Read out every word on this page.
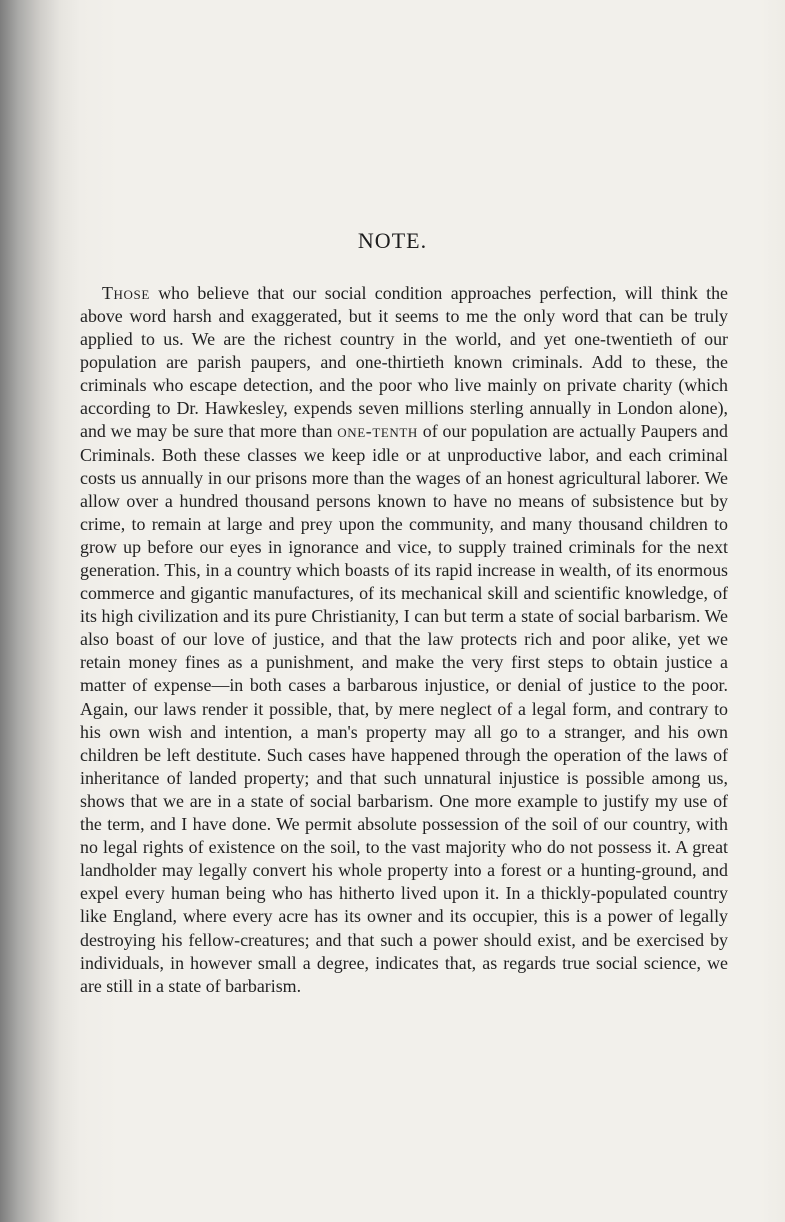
NOTE.

Those who believe that our social condition approaches perfection, will think the above word harsh and exaggerated, but it seems to me the only word that can be truly applied to us. We are the richest country in the world, and yet one-twentieth of our population are parish paupers, and one-thirtieth known criminals. Add to these, the criminals who escape detection, and the poor who live mainly on private charity (which according to Dr. Hawkesley, expends seven millions sterling annually in London alone), and we may be sure that more than one-tenth of our population are actually Paupers and Criminals. Both these classes we keep idle or at unproductive labor, and each criminal costs us annually in our prisons more than the wages of an honest agricultural laborer. We allow over a hundred thousand persons known to have no means of subsistence but by crime, to remain at large and prey upon the community, and many thousand children to grow up before our eyes in ignorance and vice, to supply trained criminals for the next generation. This, in a country which boasts of its rapid increase in wealth, of its enormous commerce and gigantic manufactures, of its mechanical skill and scientific knowledge, of its high civilization and its pure Christianity, I can but term a state of social barbarism. We also boast of our love of justice, and that the law protects rich and poor alike, yet we retain money fines as a punishment, and make the very first steps to obtain justice a matter of expense—in both cases a barbarous injustice, or denial of justice to the poor. Again, our laws render it possible, that, by mere neglect of a legal form, and contrary to his own wish and intention, a man's property may all go to a stranger, and his own children be left destitute. Such cases have happened through the operation of the laws of inheritance of landed property; and that such unnatural injustice is possible among us, shows that we are in a state of social barbarism. One more example to justify my use of the term, and I have done. We permit absolute possession of the soil of our country, with no legal rights of existence on the soil, to the vast majority who do not possess it. A great landholder may legally convert his whole property into a forest or a hunting-ground, and expel every human being who has hitherto lived upon it. In a thickly-populated country like England, where every acre has its owner and its occupier, this is a power of legally destroying his fellow-creatures; and that such a power should exist, and be exercised by individuals, in however small a degree, indicates that, as regards true social science, we are still in a state of barbarism.
